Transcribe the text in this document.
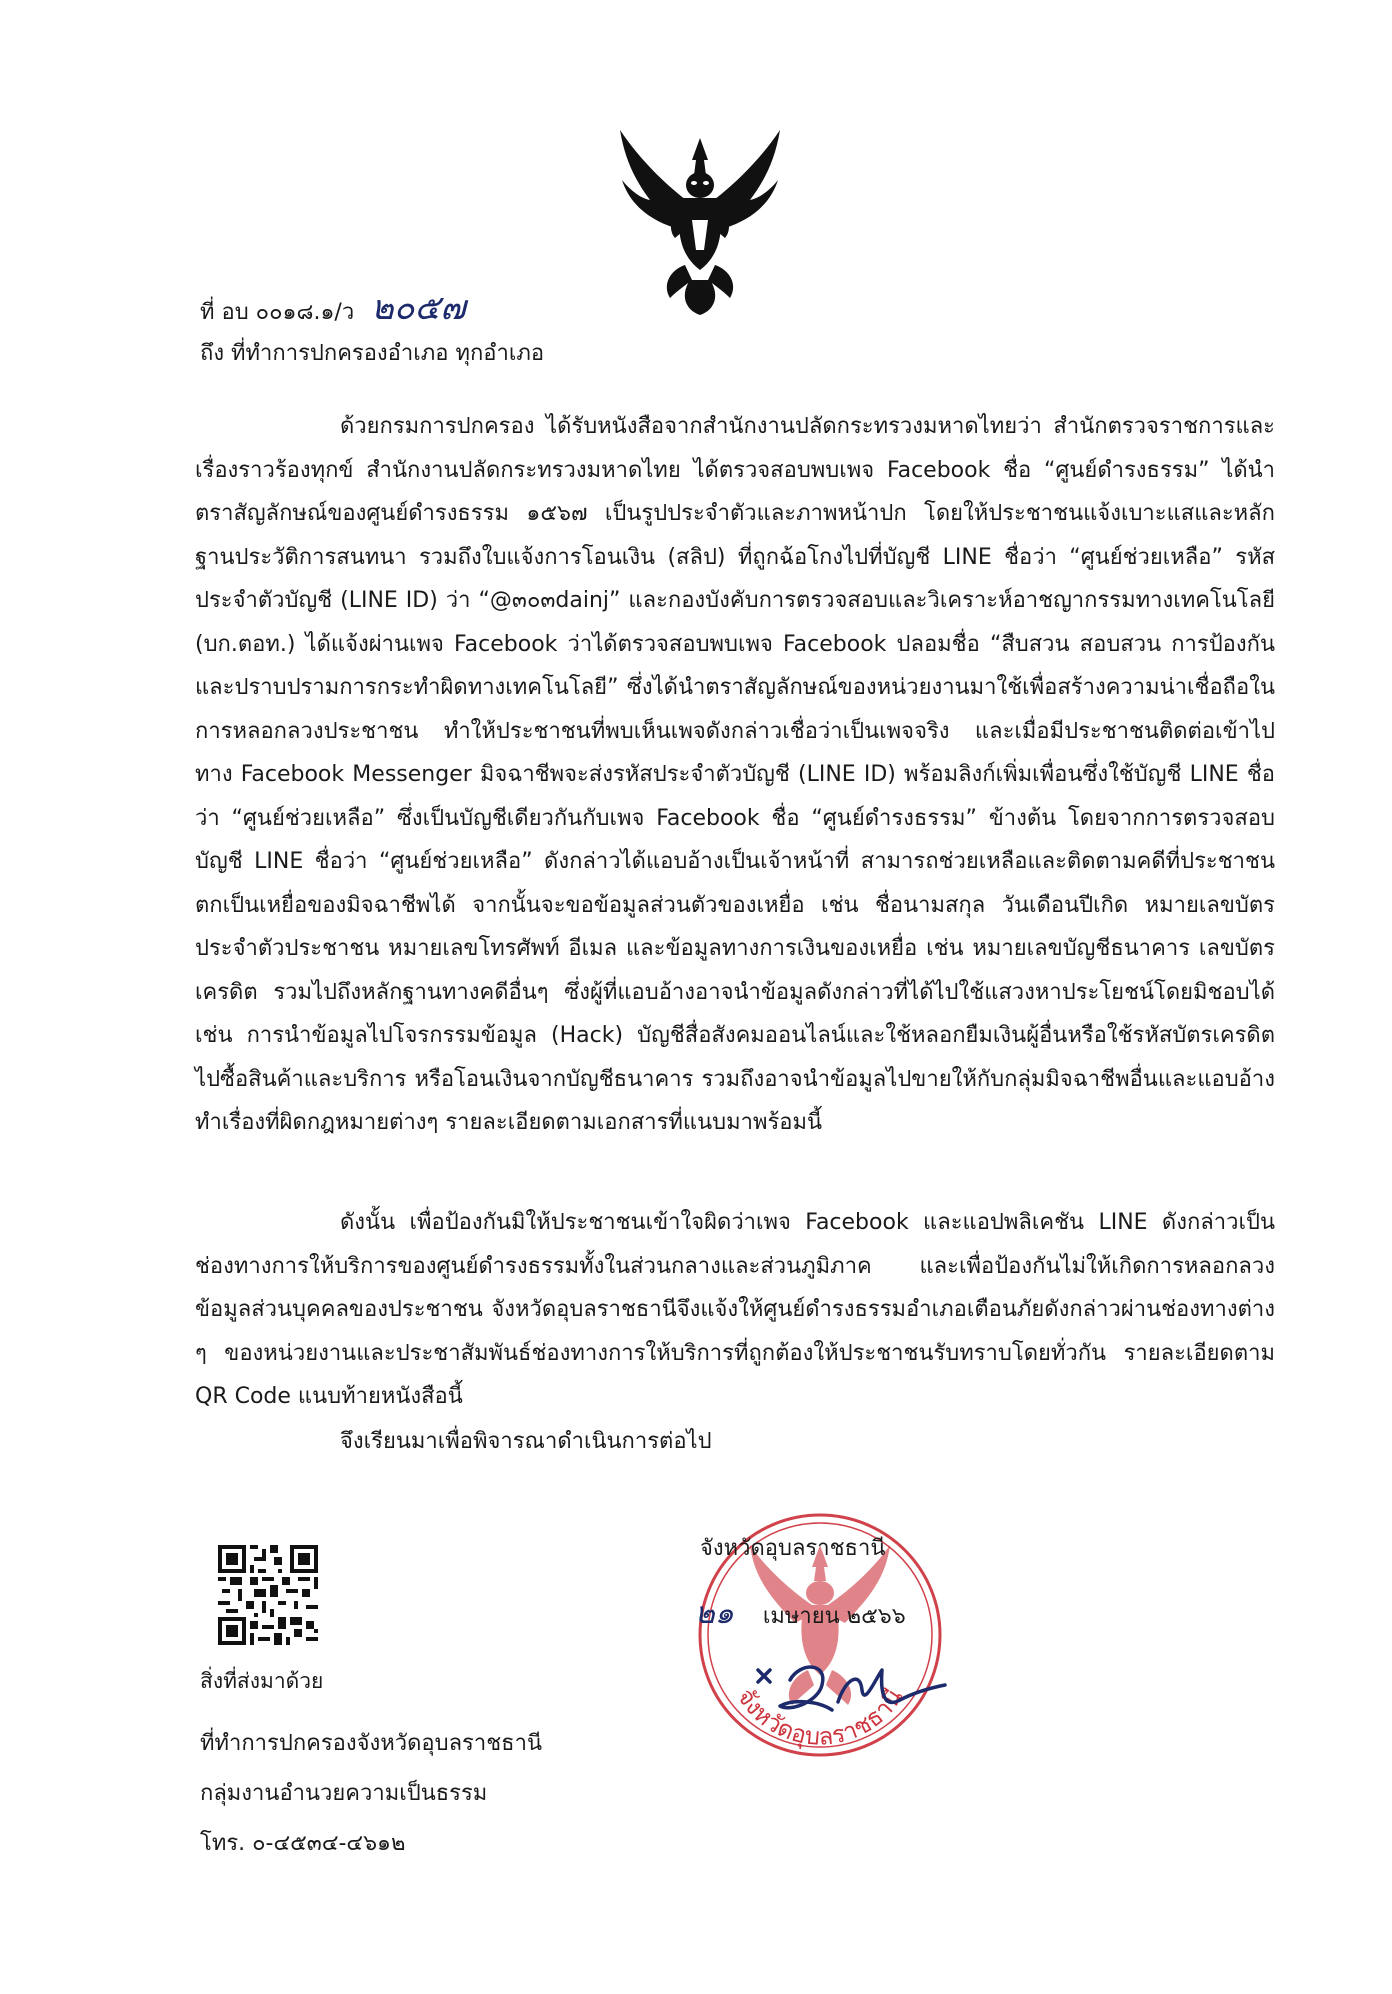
ที่ อบ ๐๐๑๘.๑/ว ๒๐๕๗
ถึง ที่ทำการปกครองอำเภอ ทุกอำเภอ

ด้วยกรมการปกครอง ได้รับหนังสือจากสำนักงานปลัดกระทรวงมหาดไทยว่า สำนักตรวจราชการและเรื่องราวร้องทุกข์ สำนักงานปลัดกระทรวงมหาดไทย ได้ตรวจสอบพบเพจ Facebook ชื่อ “ศูนย์ดำรงธรรม” ได้นำตราสัญลักษณ์ของศูนย์ดำรงธรรม ๑๕๖๗ เป็นรูปประจำตัวและภาพหน้าปก โดยให้ประชาชนแจ้งเบาะแสและหลักฐานประวัติการสนทนา รวมถึงใบแจ้งการโอนเงิน (สลิป) ที่ถูกฉ้อโกงไปที่บัญชี LINE ชื่อว่า “ศูนย์ช่วยเหลือ” รหัสประจำตัวบัญชี (LINE ID) ว่า “@๓๐๓dainj” และกองบังคับการตรวจสอบและวิเคราะห์อาชญากรรมทางเทคโนโลยี (บก.ตอท.) ได้แจ้งผ่านเพจ Facebook ว่าได้ตรวจสอบพบเพจ Facebook ปลอมชื่อ “สืบสวน สอบสวน การป้องกัน และปราบปรามการกระทำผิดทางเทคโนโลยี” ซึ่งได้นำตราสัญลักษณ์ของหน่วยงานมาใช้เพื่อสร้างความน่าเชื่อถือในการหลอกลวงประชาชน ทำให้ประชาชนที่พบเห็นเพจดังกล่าวเชื่อว่าเป็นเพจจริง และเมื่อมีประชาชนติดต่อเข้าไปทาง Facebook Messenger มิจฉาชีพจะส่งรหัสประจำตัวบัญชี (LINE ID) พร้อมลิงก์เพิ่มเพื่อนซึ่งใช้บัญชี LINE ชื่อว่า “ศูนย์ช่วยเหลือ” ซึ่งเป็นบัญชีเดียวกันกับเพจ Facebook ชื่อ “ศูนย์ดำรงธรรม” ข้างต้น โดยจากการตรวจสอบบัญชี LINE ชื่อว่า “ศูนย์ช่วยเหลือ” ดังกล่าวได้แอบอ้างเป็นเจ้าหน้าที่ สามารถช่วยเหลือและติดตามคดีที่ประชาชนตกเป็นเหยื่อของมิจฉาชีพได้ จากนั้นจะขอข้อมูลส่วนตัวของเหยื่อ เช่น ชื่อนามสกุล วันเดือนปีเกิด หมายเลขบัตรประจำตัวประชาชน หมายเลขโทรศัพท์ อีเมล และข้อมูลทางการเงินของเหยื่อ เช่น หมายเลขบัญชีธนาคาร เลขบัตรเครดิต รวมไปถึงหลักฐานทางคดีอื่นๆ ซึ่งผู้ที่แอบอ้างอาจนำข้อมูลดังกล่าวที่ได้ไปใช้แสวงหาประโยชน์โดยมิชอบได้ เช่น การนำข้อมูลไปโจรกรรมข้อมูล (Hack) บัญชีสื่อสังคมออนไลน์และใช้หลอกยืมเงินผู้อื่นหรือใช้รหัสบัตรเครดิตไปซื้อสินค้าและบริการ หรือโอนเงินจากบัญชีธนาคาร รวมถึงอาจนำข้อมูลไปขายให้กับกลุ่มมิจฉาชีพอื่นและแอบอ้างทำเรื่องที่ผิดกฎหมายต่างๆ รายละเอียดตามเอกสารที่แนบมาพร้อมนี้

ดังนั้น เพื่อป้องกันมิให้ประชาชนเข้าใจผิดว่าเพจ Facebook และแอปพลิเคชัน LINE ดังกล่าวเป็นช่องทางการให้บริการของศูนย์ดำรงธรรมทั้งในส่วนกลางและส่วนภูมิภาค และเพื่อป้องกันไม่ให้เกิดการหลอกลวงข้อมูลส่วนบุคคลของประชาชน จังหวัดอุบลราชธานีจึงแจ้งให้ศูนย์ดำรงธรรมอำเภอเตือนภัยดังกล่าวผ่านช่องทางต่าง ๆ ของหน่วยงานและประชาสัมพันธ์ช่องทางการให้บริการที่ถูกต้องให้ประชาชนรับทราบโดยทั่วกัน รายละเอียดตาม QR Code แนบท้ายหนังสือนี้

จึงเรียนมาเพื่อพิจารณาดำเนินการต่อไป

สิ่งที่ส่งมาด้วย
ที่ทำการปกครองจังหวัดอุบลราชธานี
กลุ่มงานอำนวยความเป็นธรรม
โทร. ๐-๔๕๓๔-๔๖๑๒
จังหวัดอุบลราชธานี
จังหวัดอุบลราชธานี
๒๑ เมษายน ๒๕๖๖
